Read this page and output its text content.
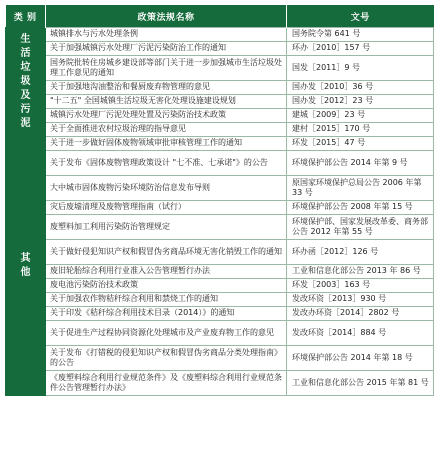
类 别	政策法规名称	文号
生活垃圾及污泥	城镇排水与污水处理条例	国务院令第 641 号
	关于加强城镇污水处理厂污泥污染防治工作的通知	环办［2010］157 号
	国务院批转住房城乡建设部等部门关于进一步加强城市生活垃圾处理工作意见的通知	国发［2011］9 号
	关于加强地沟油整治和餐厨废弃物管理的意见	国办发［2010］36 号
	"十二五" 全国城镇生活垃圾无害化处理设施建设规划	国办发［2012］23 号
	城镇污水处理厂污泥处理处置及污染防治技术政策	建城［2009］23 号
	关于全面推进农村垃圾治理的指导意见	建村［2015］170 号
其他	关于进一步做好固体废物领域审批审核管理工作的通知	环发［2015］47 号
	关于发布《固体废物管理政策设计 "七不准、七承诺"》的公告	环境保护部公告 2014 年第 9 号
	大中城市固体废物污染环境防治信息发布导则	原国家环境保护总局公告 2006 年第 33 号
	灾后废墟清理及废物管理指南（试行）	环境保护部公告 2008 年第 15 号
	废塑料加工利用污染防治管理规定	环境保护部、国家发展改革委、商务部公告 2012 年第 55 号
	关于做好侵犯知识产权和假冒伪劣商品环境无害化销毁工作的通知	环办函［2012］126 号
	废旧轮胎综合利用行业准入公告管理暂行办法	工业和信息化部公告 2013 年 86 号
	废电池污染防治技术政策	环发［2003］163 号
	关于加强农作物秸秆综合利用和禁烧工作的通知	发改环资［2013］930 号
	关于印发《秸秆综合利用技术目录（2014）》的通知	发改办环资［2014］2802 号
	关于促进生产过程协同资源化处理城市及产业废弃物工作的意见	发改环资［2014］884 号
	关于发布《打错税的侵犯知识产权和假冒伪劣商品分类处理指南》的公告	环境保护部公告 2014 年第 18 号
	《废塑料综合利用行业规范条件》及《废塑料综合利用行业规范条件公告管理暂行办法》	工业和信息化部公告 2015 年第 81 号
